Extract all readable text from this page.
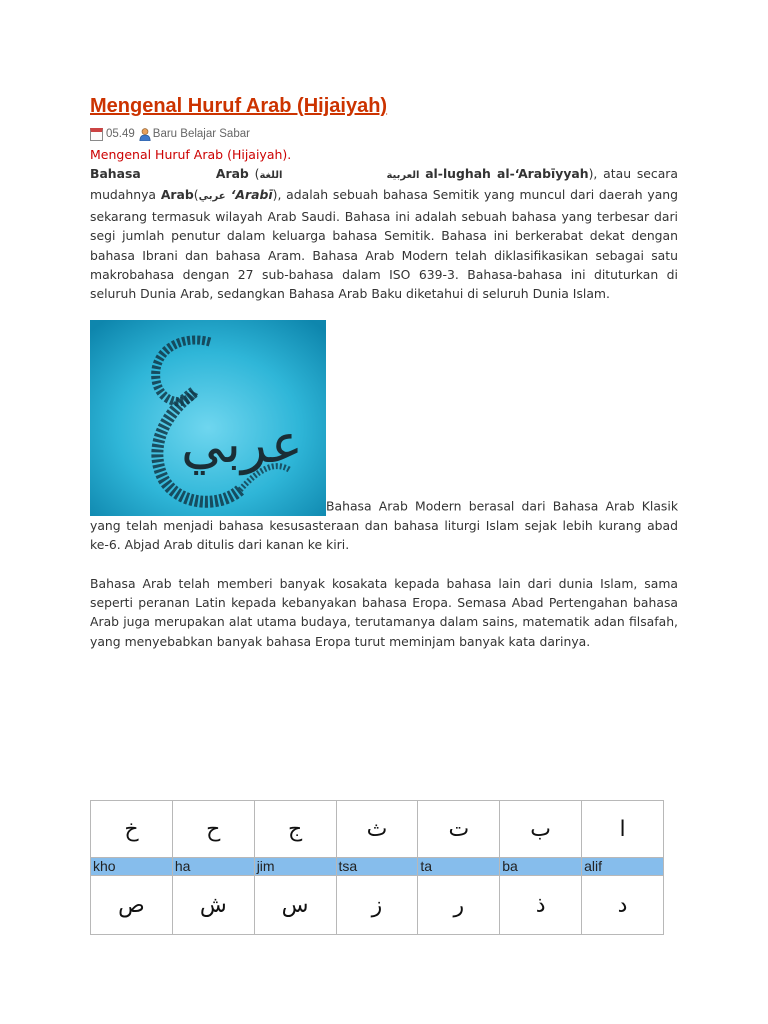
Mengenal Huruf Arab (Hijaiyah)
05.49 Baru Belajar Sabar
Mengenal Huruf Arab (Hijaiyah).

Bahasa	Arab (	العربية                  اللغة	al-lughah al-ʻArabīyyah), atau secara mudahnya Arab(عربي ʻArabī), adalah sebuah bahasa Semitik yang muncul dari daerah yang sekarang termasuk wilayah Arab Saudi. Bahasa ini adalah sebuah bahasa yang terbesar dari segi jumlah penutur dalam keluarga bahasa Semitik. Bahasa ini berkerabat dekat dengan bahasa Ibrani dan bahasa Aram. Bahasa Arab Modern telah diklasifikasikan sebagai satu makrobahasa dengan 27 sub-bahasa dalam ISO 639-3. Bahasa-bahasa ini dituturkan di seluruh Dunia Arab, sedangkan Bahasa Arab Baku diketahui di seluruh Dunia Islam.

عربي
Bahasa Arab Modern berasal dari Bahasa Arab Klasik yang telah menjadi bahasa kesusasteraan dan bahasa liturgi Islam sejak lebih kurang abad ke-6. Abjad Arab ditulis dari kanan ke kiri.

Bahasa Arab telah memberi banyak kosakata kepada bahasa lain dari dunia Islam, sama seperti peranan Latin kepada kebanyakan bahasa Eropa. Semasa Abad Pertengahan bahasa Arab juga merupakan alat utama budaya, terutamanya dalam sains, matematik adan filsafah, yang menyebabkan banyak bahasa Eropa turut meminjam banyak kata darinya.

خ	ح	ج	ث	ت	ب	ا
kho	ha	jim	tsa	ta	ba	alif
ص	ش	س	ز	ر	ذ	د
